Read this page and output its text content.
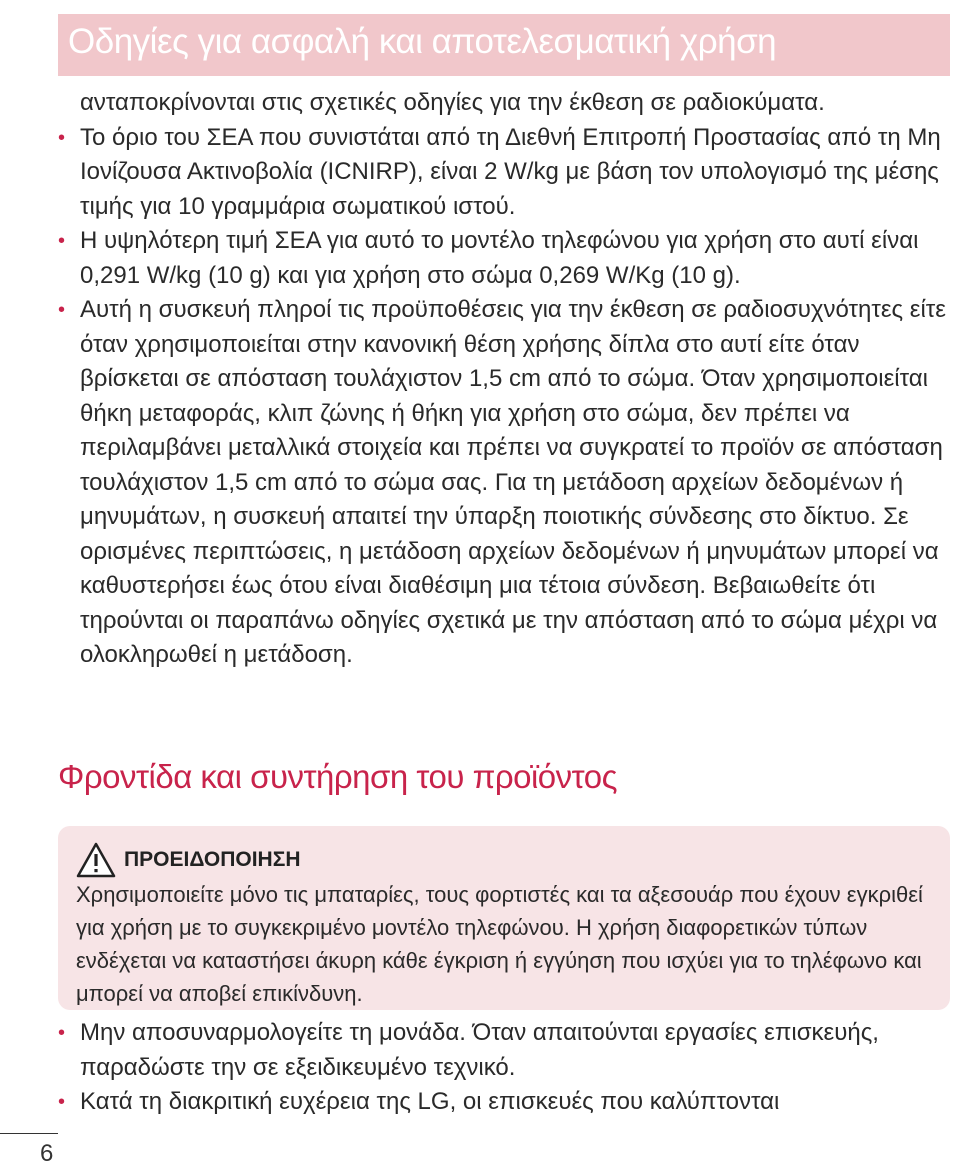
Οδηγίες για ασφαλή και αποτελεσματική χρήση

ανταποκρίνονται στις σχετικές οδηγίες για την έκθεση σε ραδιοκύματα.

• Το όριο του ΣΕΑ που συνιστάται από τη Διεθνή Επιτροπή Προστασίας από τη Μη Ιονίζουσα Ακτινοβολία (ICNIRP), είναι 2 W/kg με βάση τον υπολογισμό της μέσης τιμής για 10 γραμμάρια σωματικού ιστού.

• Η υψηλότερη τιμή ΣΕΑ για αυτό το μοντέλο τηλεφώνου για χρήση στο αυτί είναι 0,291 W/kg (10 g) και για χρήση στο σώμα 0,269 W/Kg (10 g).

• Αυτή η συσκευή πληροί τις προϋποθέσεις για την έκθεση σε ραδιοσυχνότητες είτε όταν χρησιμοποιείται στην κανονική θέση χρήσης δίπλα στο αυτί είτε όταν βρίσκεται σε απόσταση τουλάχιστον 1,5 cm από το σώμα. Όταν χρησιμοποιείται θήκη μεταφοράς, κλιπ ζώνης ή θήκη για χρήση στο σώμα, δεν πρέπει να περιλαμβάνει μεταλλικά στοιχεία και πρέπει να συγκρατεί το προϊόν σε απόσταση τουλάχιστον 1,5 cm από το σώμα σας. Για τη μετάδοση αρχείων δεδομένων ή μηνυμάτων, η συσκευή απαιτεί την ύπαρξη ποιοτικής σύνδεσης στο δίκτυο. Σε ορισμένες περιπτώσεις, η μετάδοση αρχείων δεδομένων ή μηνυμάτων μπορεί να καθυστερήσει έως ότου είναι διαθέσιμη μια τέτοια σύνδεση. Βεβαιωθείτε ότι τηρούνται οι παραπάνω οδηγίες σχετικά με την απόσταση από το σώμα μέχρι να ολοκληρωθεί η μετάδοση.

Φροντίδα και συντήρηση του προϊόντος
ΠΡΟΕΙΔΟΠΟΙΗΣΗ
Χρησιμοποιείτε μόνο τις μπαταρίες, τους φορτιστές και τα αξεσουάρ που έχουν εγκριθεί για χρήση με το συγκεκριμένο μοντέλο τηλεφώνου. Η χρήση διαφορετικών τύπων ενδέχεται να καταστήσει άκυρη κάθε έγκριση ή εγγύηση που ισχύει για το τηλέφωνο και μπορεί να αποβεί επικίνδυνη.

• Μην αποσυναρμολογείτε τη μονάδα. Όταν απαιτούνται εργασίες επισκευής, παραδώστε την σε εξειδικευμένο τεχνικό.

• Κατά τη διακριτική ευχέρεια της LG, οι επισκευές που καλύπτονται

6
